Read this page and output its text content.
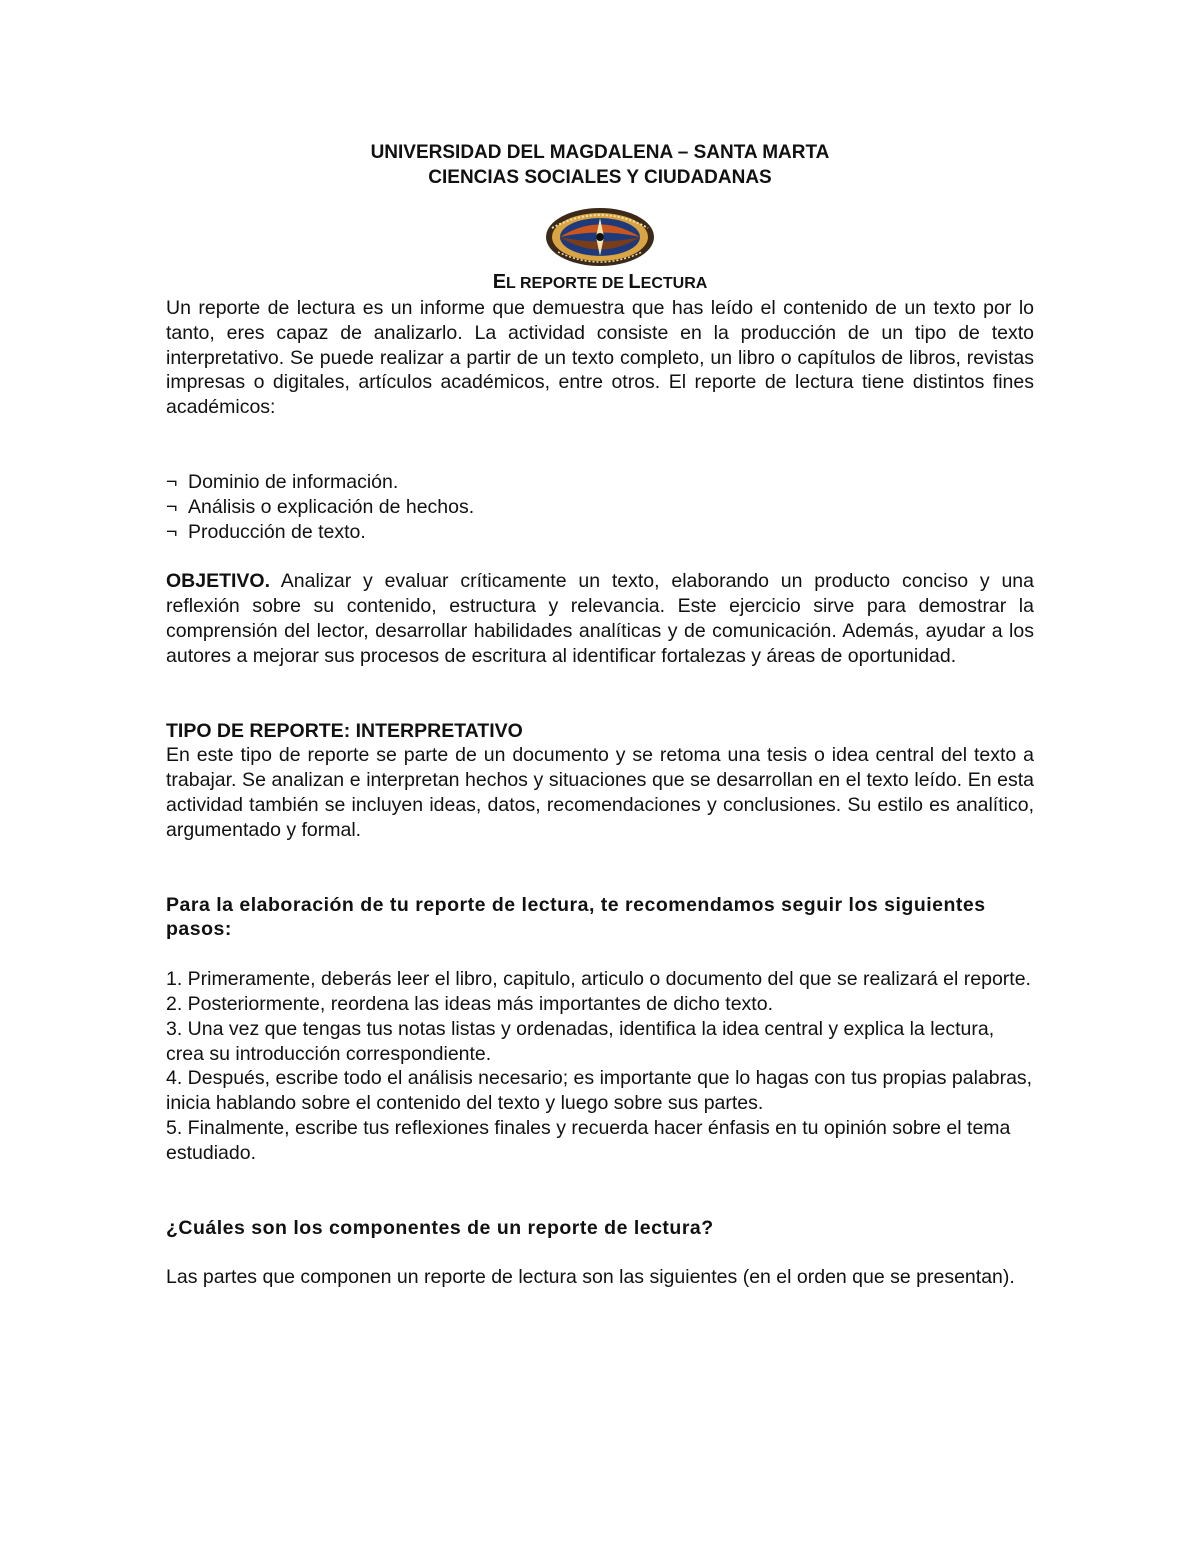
UNIVERSIDAD DEL MAGDALENA – SANTA MARTA
CIENCIAS SOCIALES Y CIUDADANAS
EL REPORTE DE LECTURA

Un reporte de lectura es un informe que demuestra que has leído el contenido de un texto por lo tanto, eres capaz de analizarlo. La actividad consiste en la producción de un tipo de texto interpretativo. Se puede realizar a partir de un texto completo, un libro o capítulos de libros, revistas impresas o digitales, artículos académicos, entre otros. El reporte de lectura tiene distintos fines académicos:

¬ Dominio de información.
¬ Análisis o explicación de hechos.
¬ Producción de texto.

OBJETIVO. Analizar y evaluar críticamente un texto, elaborando un producto conciso y una reflexión sobre su contenido, estructura y relevancia. Este ejercicio sirve para demostrar la comprensión del lector, desarrollar habilidades analíticas y de comunicación. Además, ayudar a los autores a mejorar sus procesos de escritura al identificar fortalezas y áreas de oportunidad.

TIPO DE REPORTE: INTERPRETATIVO

En este tipo de reporte se parte de un documento y se retoma una tesis o idea central del texto a trabajar. Se analizan e interpretan hechos y situaciones que se desarrollan en el texto leído. En esta actividad también se incluyen ideas, datos, recomendaciones y conclusiones. Su estilo es analítico, argumentado y formal.

Para la elaboración de tu reporte de lectura, te recomendamos seguir los siguientes pasos:

1. Primeramente, deberás leer el libro, capitulo, articulo o documento del que se realizará el reporte.

2. Posteriormente, reordena las ideas más importantes de dicho texto.

3. Una vez que tengas tus notas listas y ordenadas, identifica la idea central y explica la lectura, crea su introducción correspondiente.

4. Después, escribe todo el análisis necesario; es importante que lo hagas con tus propias palabras, inicia hablando sobre el contenido del texto y luego sobre sus partes.

5. Finalmente, escribe tus reflexiones finales y recuerda hacer énfasis en tu opinión sobre el tema estudiado.

¿Cuáles son los componentes de un reporte de lectura?

Las partes que componen un reporte de lectura son las siguientes (en el orden que se presentan).
